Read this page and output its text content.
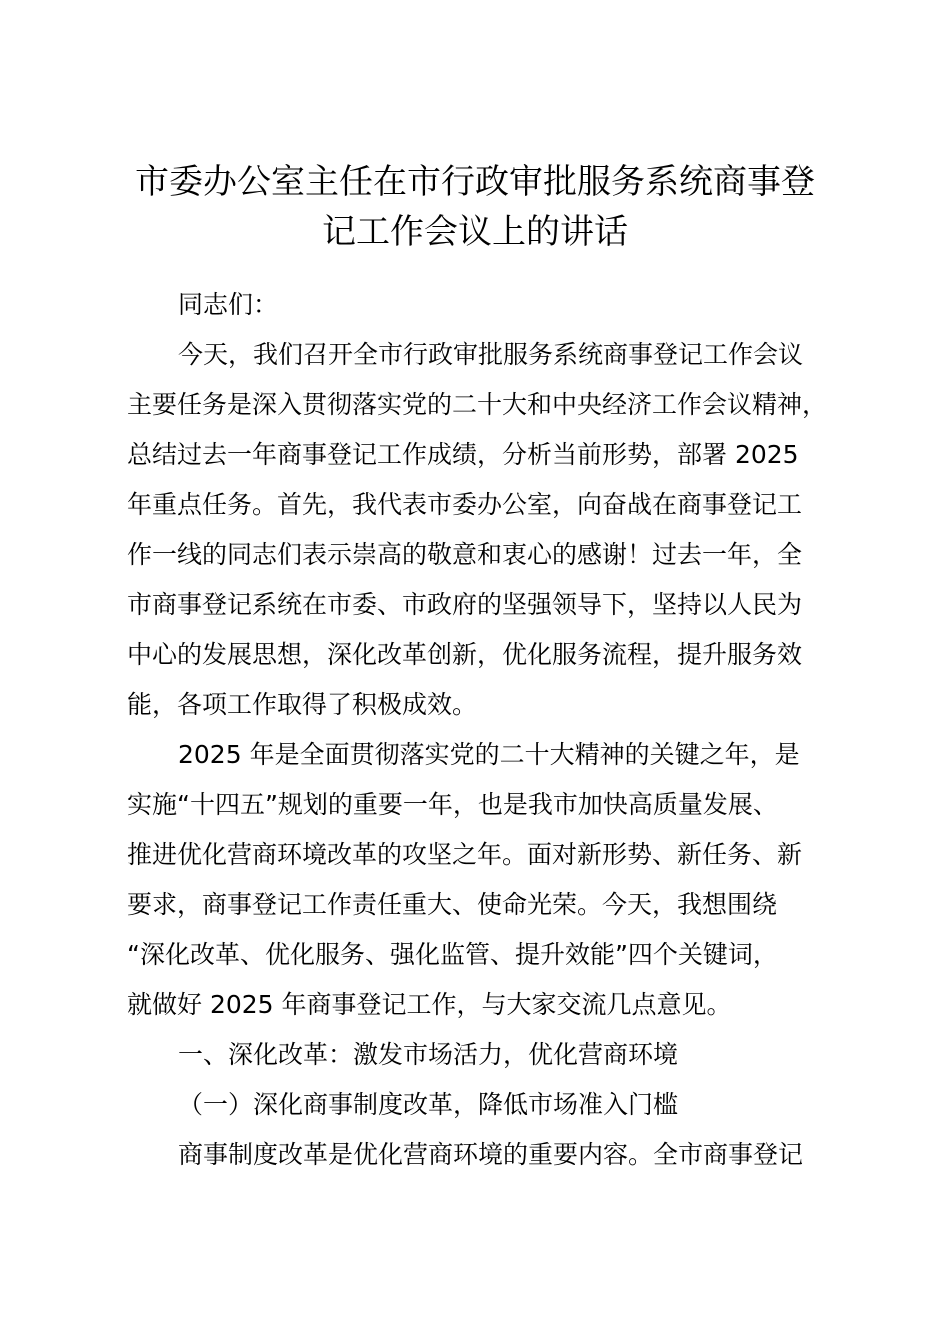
市委办公室主任在市行政审批服务系统商事登
记工作会议上的讲话
同志们：
今天，我们召开全市行政审批服务系统商事登记工作会议
主要任务是深入贯彻落实党的二十大和中央经济工作会议精神，
总结过去一年商事登记工作成绩，分析当前形势，部署 2025
年重点任务。首先，我代表市委办公室，向奋战在商事登记工
作一线的同志们表示崇高的敬意和衷心的感谢！过去一年，全
市商事登记系统在市委、市政府的坚强领导下，坚持以人民为
中心的发展思想，深化改革创新，优化服务流程，提升服务效
能，各项工作取得了积极成效。
2025 年是全面贯彻落实党的二十大精神的关键之年，是
实施“十四五”规划的重要一年，也是我市加快高质量发展、
推进优化营商环境改革的攻坚之年。面对新形势、新任务、新
要求，商事登记工作责任重大、使命光荣。今天，我想围绕
“深化改革、优化服务、强化监管、提升效能”四个关键词，
就做好 2025 年商事登记工作，与大家交流几点意见。
一、深化改革：激发市场活力，优化营商环境
（一）深化商事制度改革，降低市场准入门槛
商事制度改革是优化营商环境的重要内容。全市商事登记
